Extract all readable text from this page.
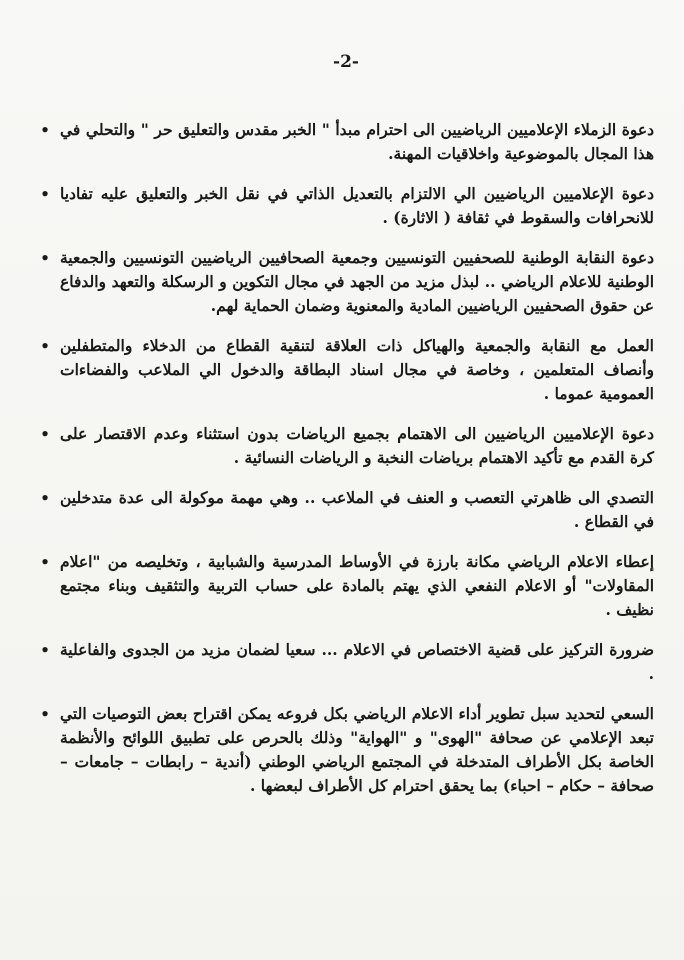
-2-
• دعوة الزملاء الإعلاميين الرياضيين الى احترام مبدأ " الخبر مقدس والتعليق حر " والتحلي في هذا المجال بالموضوعية واخلاقيات المهنة.
• دعوة الإعلاميين الرياضيين الي الالتزام بالتعديل الذاتي في نقل الخبر والتعليق عليه تفاديا للانحرافات والسقوط في ثقافة ( الاثارة) .
• دعوة النقابة الوطنية للصحفيين التونسيين وجمعية الصحافيين الرياضيين التونسيين والجمعية الوطنية للاعلام الرياضي .. لبذل مزيد من الجهد في مجال التكوين و الرسكلة والتعهد والدفاع عن حقوق الصحفيين الرياضيين المادية والمعنوية وضمان الحماية لهم.
• العمل مع النقابة والجمعية والهياكل ذات العلاقة لتنقية القطاع من الدخلاء والمتطفلين وأنصاف المتعلمين ، وخاصة في مجال اسناد البطاقة والدخول الي الملاعب والفضاءات العمومية عموما .
• دعوة الإعلاميين الرياضيين الى الاهتمام بجميع الرياضات بدون استثناء وعدم الاقتصار على كرة القدم مع تأكيد الاهتمام برياضات النخبة و الرياضات النسائية .
• التصدي الى ظاهرتي التعصب و العنف في الملاعب .. وهي مهمة موكولة الى عدة متدخلين في القطاع .
• إعطاء الاعلام الرياضي مكانة بارزة في الأوساط المدرسية والشبابية ، وتخليصه من "اعلام المقاولات" أو الاعلام النفعي الذي يهتم بالمادة على حساب التربية والتثقيف وبناء مجتمع نظيف .
• ضرورة التركيز على قضية الاختصاص في الاعلام ... سعيا لضمان مزيد من الجدوى والفاعلية .
• السعي لتحديد سبل تطوير أداء الاعلام الرياضي بكل فروعه يمكن اقتراح بعض التوصيات التي تبعد الإعلامي عن صحافة "الهوى" و "الهواية" وذلك بالحرص على تطبيق اللوائح والأنظمة الخاصة بكل الأطراف المتدخلة في المجتمع الرياضي الوطني (أندية – رابطات – جامعات – صحافة – حكام – احباء) بما يحقق احترام كل الأطراف لبعضها .
